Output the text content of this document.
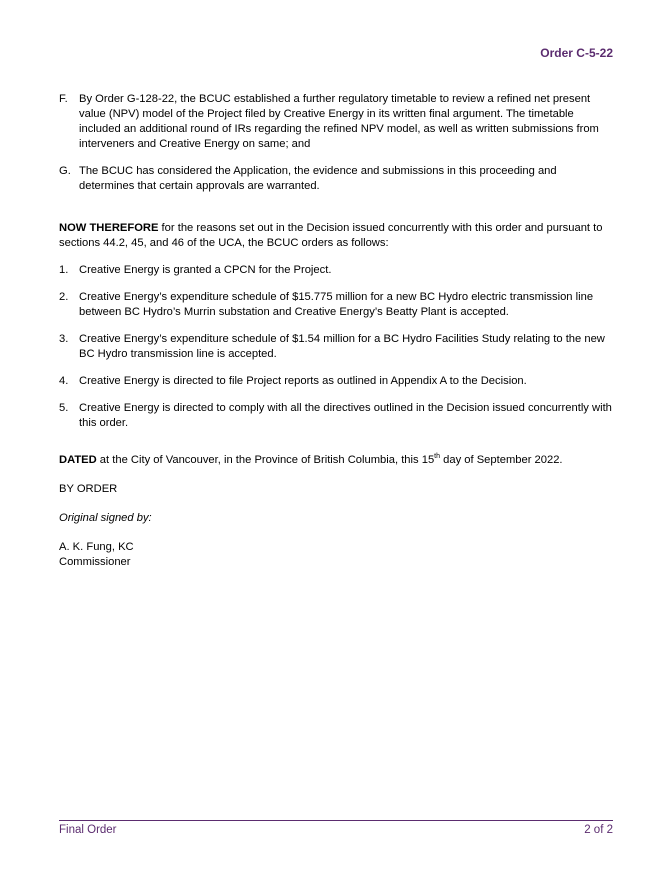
Order C-5-22
F. By Order G-128-22, the BCUC established a further regulatory timetable to review a refined net present value (NPV) model of the Project filed by Creative Energy in its written final argument. The timetable included an additional round of IRs regarding the refined NPV model, as well as written submissions from interveners and Creative Energy on same; and
G. The BCUC has considered the Application, the evidence and submissions in this proceeding and determines that certain approvals are warranted.
NOW THEREFORE for the reasons set out in the Decision issued concurrently with this order and pursuant to sections 44.2, 45, and 46 of the UCA, the BCUC orders as follows:
1. Creative Energy is granted a CPCN for the Project.
2. Creative Energy’s expenditure schedule of $15.775 million for a new BC Hydro electric transmission line between BC Hydro’s Murrin substation and Creative Energy’s Beatty Plant is accepted.
3. Creative Energy’s expenditure schedule of $1.54 million for a BC Hydro Facilities Study relating to the new BC Hydro transmission line is accepted.
4. Creative Energy is directed to file Project reports as outlined in Appendix A to the Decision.
5. Creative Energy is directed to comply with all the directives outlined in the Decision issued concurrently with this order.
DATED at the City of Vancouver, in the Province of British Columbia, this 15th day of September 2022.
BY ORDER
Original signed by:
A. K. Fung, KC
Commissioner
Final Order	2 of 2
